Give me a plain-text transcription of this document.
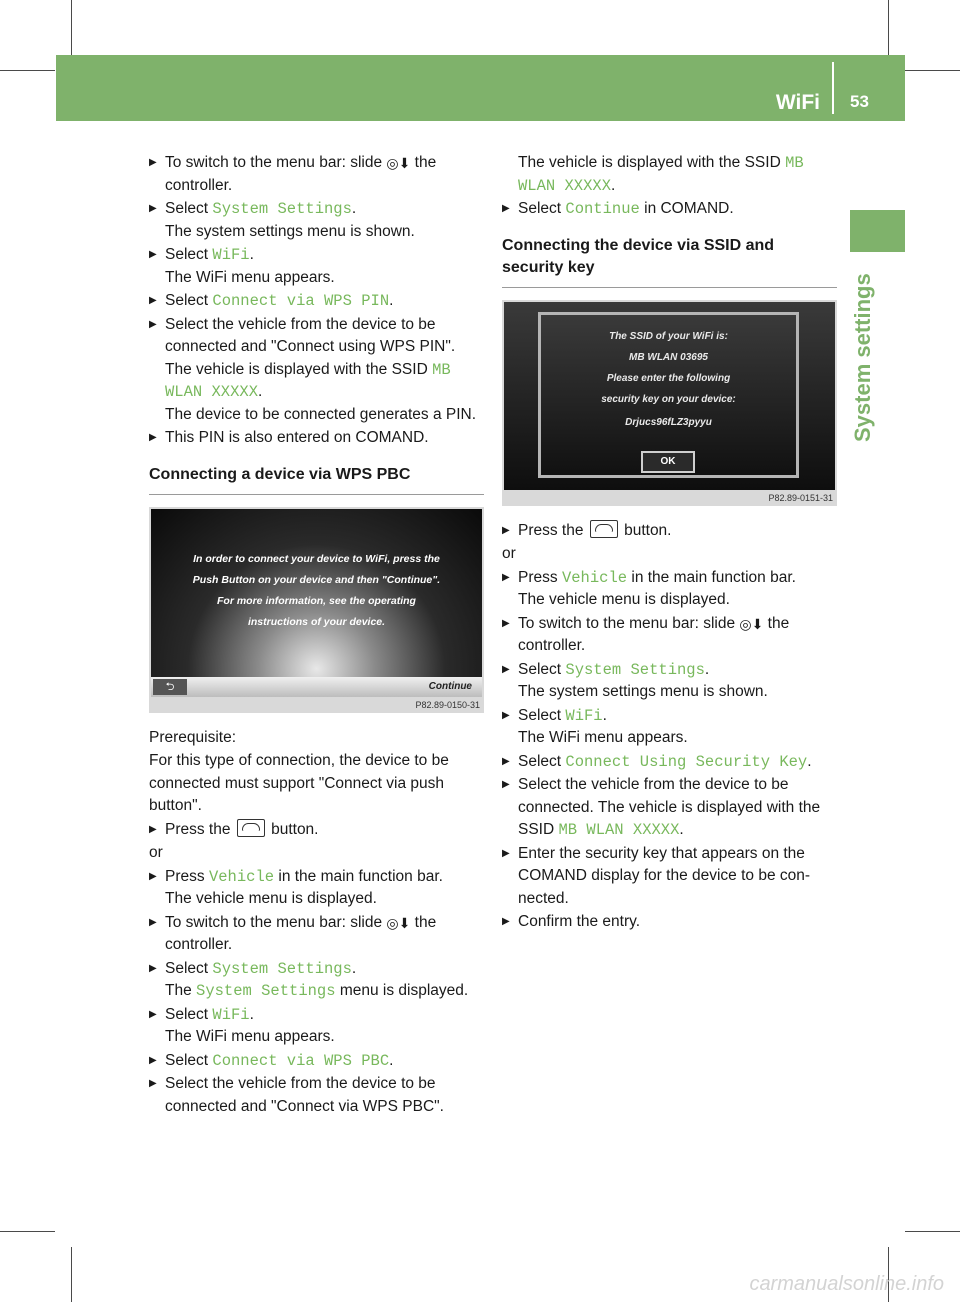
WiFi 53
System settings
▶ To switch to the menu bar: slide ◎⬇ the controller.
▶ Select System Settings.
The system settings menu is shown.
▶ Select WiFi.
The WiFi menu appears.
▶ Select Connect via WPS PIN.
▶ Select the vehicle from the device to be connected and "Connect using WPS PIN". The vehicle is displayed with the SSID MB WLAN XXXXX.
The device to be connected generates a PIN.
▶ This PIN is also entered on COMAND.
Connecting a device via WPS PBC
In order to connect your device to WiFi, press the
Push Button on your device and then "Continue".
For more information, see the operating
instructions of your device.
⮌	Continue
P82.89-0150-31
Prerequisite:
For this type of connection, the device to be connected must support "Connect via push button".
▶ Press the  button.
or
▶ Press Vehicle in the main function bar.
The vehicle menu is displayed.
▶ To switch to the menu bar: slide ◎⬇ the controller.
▶ Select System Settings.
The System Settings menu is displayed.
▶ Select WiFi.
The WiFi menu appears.
▶ Select Connect via WPS PBC.
▶ Select the vehicle from the device to be connected and "Connect via WPS PBC".
The vehicle is displayed with the SSID MB WLAN XXXXX.
▶ Select Continue in COMAND.
Connecting the device via SSID and security key
The SSID of your WiFi is:
MB WLAN 03695
Please enter the following
security key on your device:
Drjucs96fLZ3pyyu
OK
P82.89-0151-31
▶ Press the  button.
or
▶ Press Vehicle in the main function bar.
The vehicle menu is displayed.
▶ To switch to the menu bar: slide ◎⬇ the controller.
▶ Select System Settings.
The system settings menu is shown.
▶ Select WiFi.
The WiFi menu appears.
▶ Select Connect Using Security Key.
▶ Select the vehicle from the device to be connected. The vehicle is displayed with the SSID MB WLAN XXXXX.
▶ Enter the security key that appears on the COMAND display for the device to be con- nected.
▶ Confirm the entry.
carmanualsonline.info
